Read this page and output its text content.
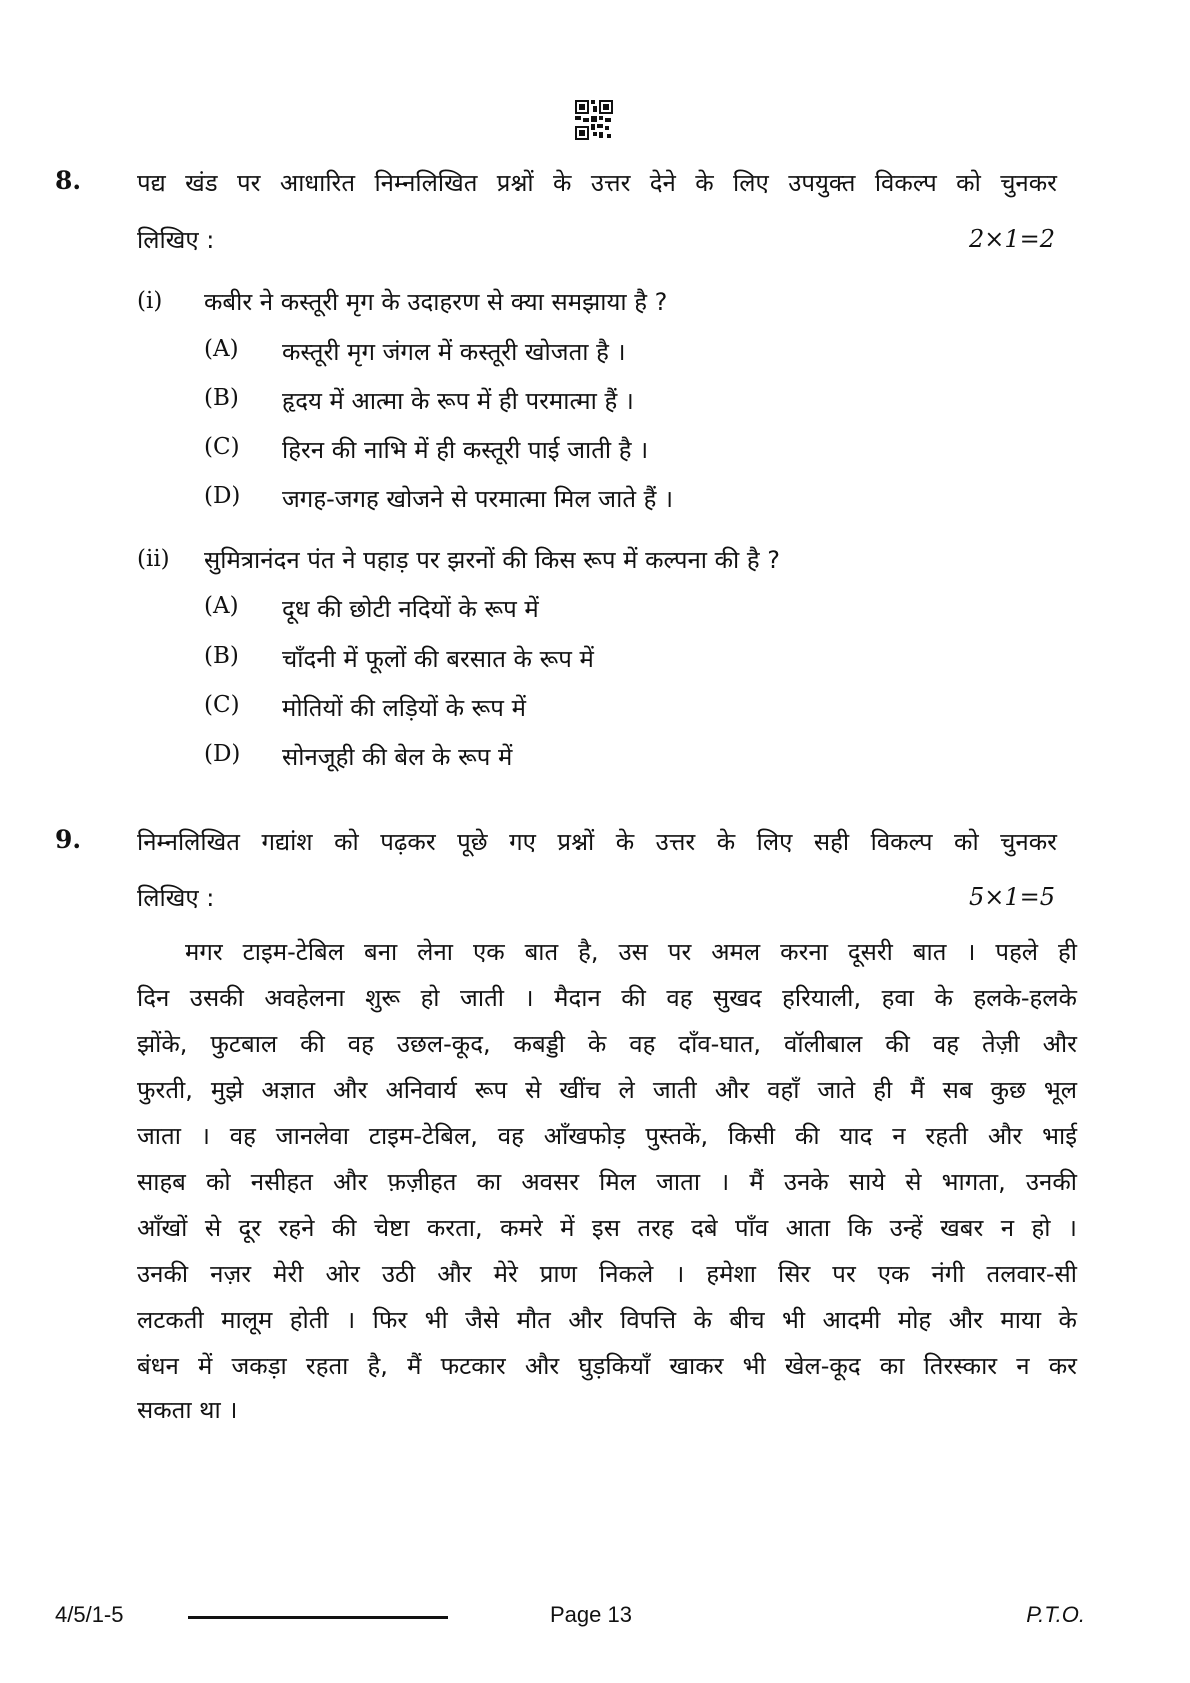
8. पद्य खंड पर आधारित निम्नलिखित प्रश्नों के उत्तर देने के लिए उपयुक्त विकल्प को चुनकर
लिखिए :	2×1=2
(i) कबीर ने कस्तूरी मृग के उदाहरण से क्या समझाया है ?
(A) कस्तूरी मृग जंगल में कस्तूरी खोजता है ।
(B) हृदय में आत्मा के रूप में ही परमात्मा हैं ।
(C) हिरन की नाभि में ही कस्तूरी पाई जाती है ।
(D) जगह-जगह खोजने से परमात्मा मिल जाते हैं ।
(ii) सुमित्रानंदन पंत ने पहाड़ पर झरनों की किस रूप में कल्पना की है ?
(A) दूध की छोटी नदियों के रूप में
(B) चाँदनी में फूलों की बरसात के रूप में
(C) मोतियों की लड़ियों के रूप में
(D) सोनजूही की बेल के रूप में
9. निम्नलिखित गद्यांश को पढ़कर पूछे गए प्रश्नों के उत्तर के लिए सही विकल्प को चुनकर
लिखिए :	5×1=5
मगर टाइम-टेबिल बना लेना एक बात है, उस पर अमल करना दूसरी बात । पहले ही
दिन उसकी अवहेलना शुरू हो जाती । मैदान की वह सुखद हरियाली, हवा के हलके-हलके
झोंके, फुटबाल की वह उछल-कूद, कबड्डी के वह दाँव-घात, वॉलीबाल की वह तेज़ी और
फुरती, मुझे अज्ञात और अनिवार्य रूप से खींच ले जाती और वहाँ जाते ही मैं सब कुछ भूल
जाता । वह जानलेवा टाइम-टेबिल, वह आँखफोड़ पुस्तकें, किसी की याद न रहती और भाई
साहब को नसीहत और फ़ज़ीहत का अवसर मिल जाता । मैं उनके साये से भागता, उनकी
आँखों से दूर रहने की चेष्टा करता, कमरे में इस तरह दबे पाँव आता कि उन्हें खबर न हो ।
उनकी नज़र मेरी ओर उठी और मेरे प्राण निकले । हमेशा सिर पर एक नंगी तलवार-सी
लटकती मालूम होती । फिर भी जैसे मौत और विपत्ति के बीच भी आदमी मोह और माया के
बंधन में जकड़ा रहता है, मैं फटकार और घुड़कियाँ खाकर भी खेल-कूद का तिरस्कार न कर
सकता था ।
4/5/1-5	Page 13	P.T.O.
